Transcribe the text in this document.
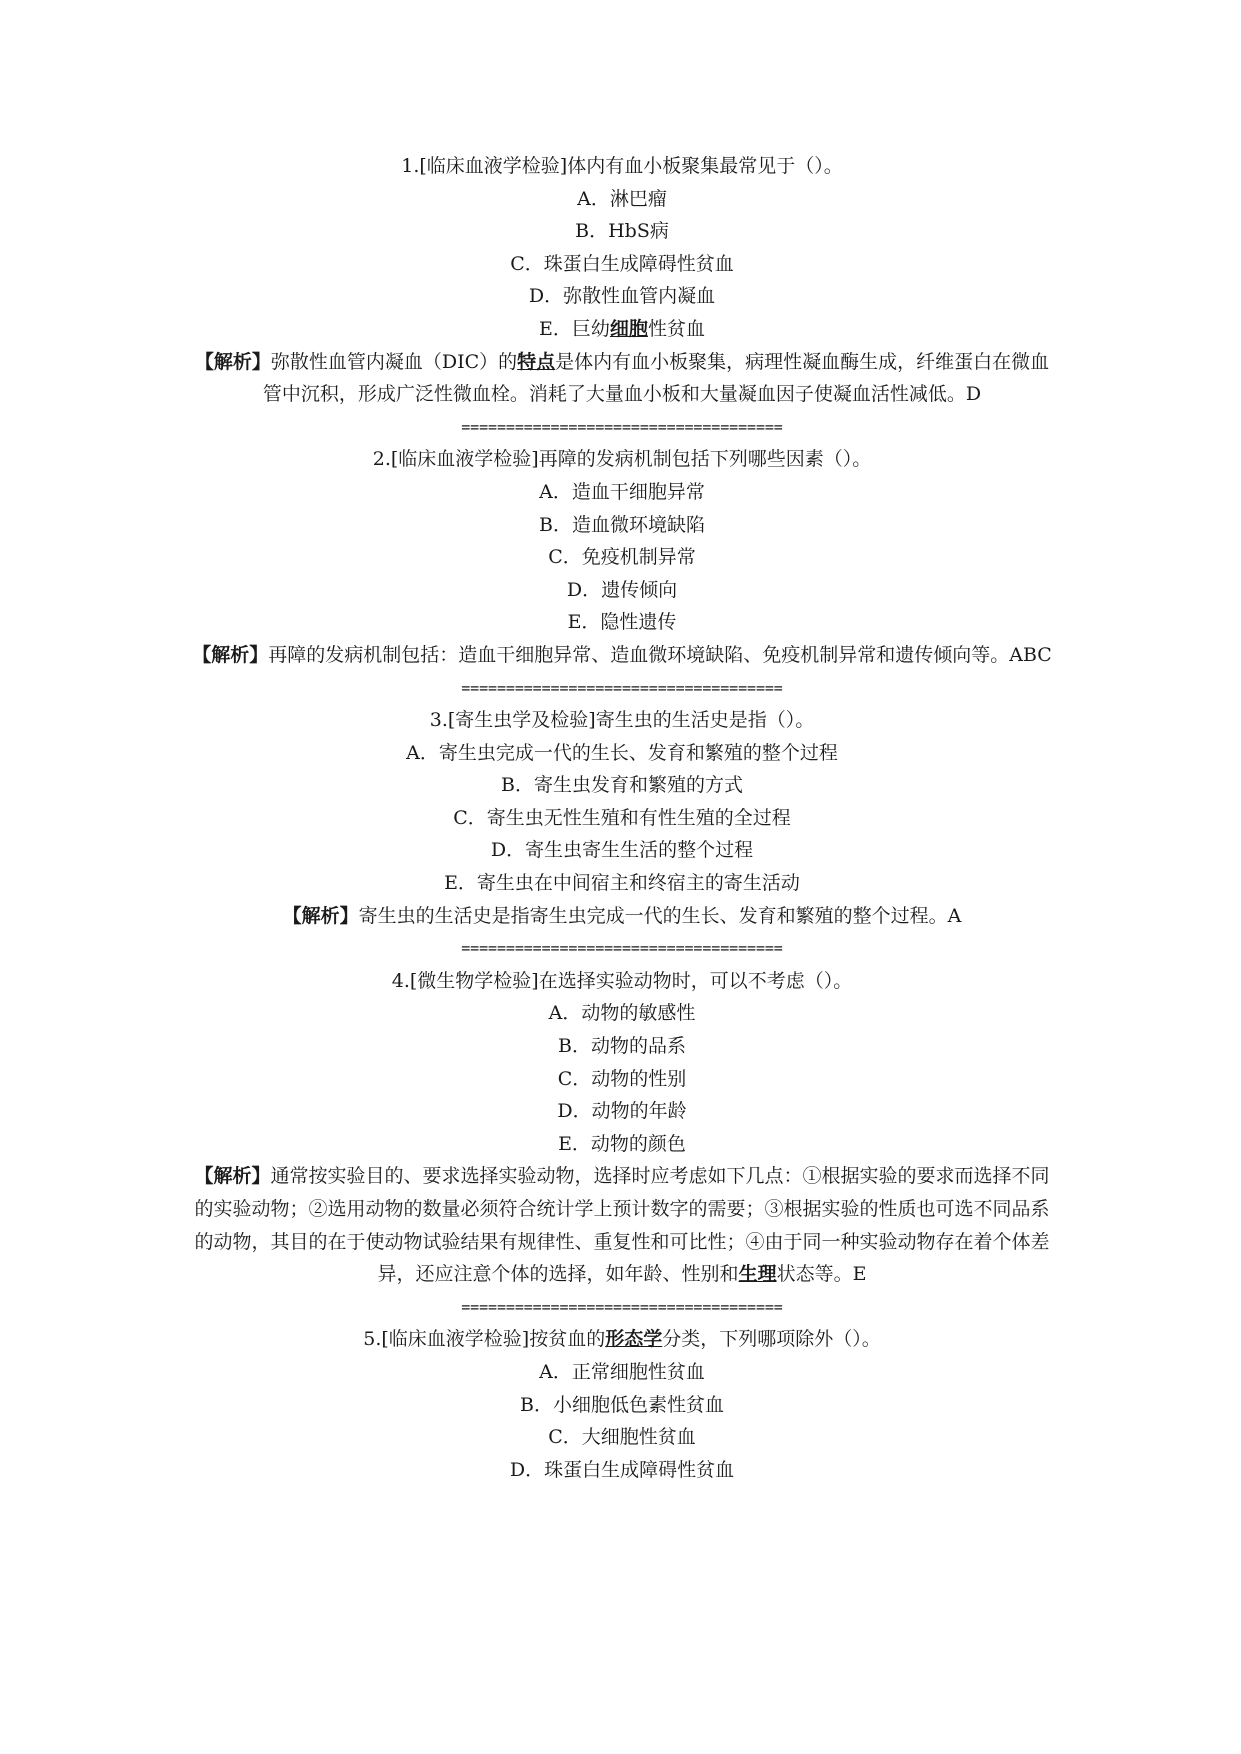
1.[临床血液学检验]体内有血小板聚集最常见于（）。
A．淋巴瘤
B．HbS病
C．珠蛋白生成障碍性贫血
D．弥散性血管内凝血
E．巨幼细胞性贫血
【解析】弥散性血管内凝血（DIC）的特点是体内有血小板聚集，病理性凝血酶生成，纤维蛋白在微血管中沉积，形成广泛性微血栓。消耗了大量血小板和大量凝血因子使凝血活性减低。D
====================================
2.[临床血液学检验]再障的发病机制包括下列哪些因素（）。
A．造血干细胞异常
B．造血微环境缺陷
C．免疫机制异常
D．遗传倾向
E．隐性遗传
【解析】再障的发病机制包括：造血干细胞异常、造血微环境缺陷、免疫机制异常和遗传倾向等。ABC
====================================
3.[寄生虫学及检验]寄生虫的生活史是指（）。
A．寄生虫完成一代的生长、发育和繁殖的整个过程
B．寄生虫发育和繁殖的方式
C．寄生虫无性生殖和有性生殖的全过程
D．寄生虫寄生生活的整个过程
E．寄生虫在中间宿主和终宿主的寄生活动
【解析】寄生虫的生活史是指寄生虫完成一代的生长、发育和繁殖的整个过程。A
====================================
4.[微生物学检验]在选择实验动物时，可以不考虑（）。
A．动物的敏感性
B．动物的品系
C．动物的性别
D．动物的年龄
E．动物的颜色
【解析】通常按实验目的、要求选择实验动物，选择时应考虑如下几点：①根据实验的要求而选择不同的实验动物；②选用动物的数量必须符合统计学上预计数字的需要；③根据实验的性质也可选不同品系的动物，其目的在于使动物试验结果有规律性、重复性和可比性；④由于同一种实验动物存在着个体差异，还应注意个体的选择，如年龄、性别和生理状态等。E
====================================
5.[临床血液学检验]按贫血的形态学分类，下列哪项除外（）。
A．正常细胞性贫血
B．小细胞低色素性贫血
C．大细胞性贫血
D．珠蛋白生成障碍性贫血
